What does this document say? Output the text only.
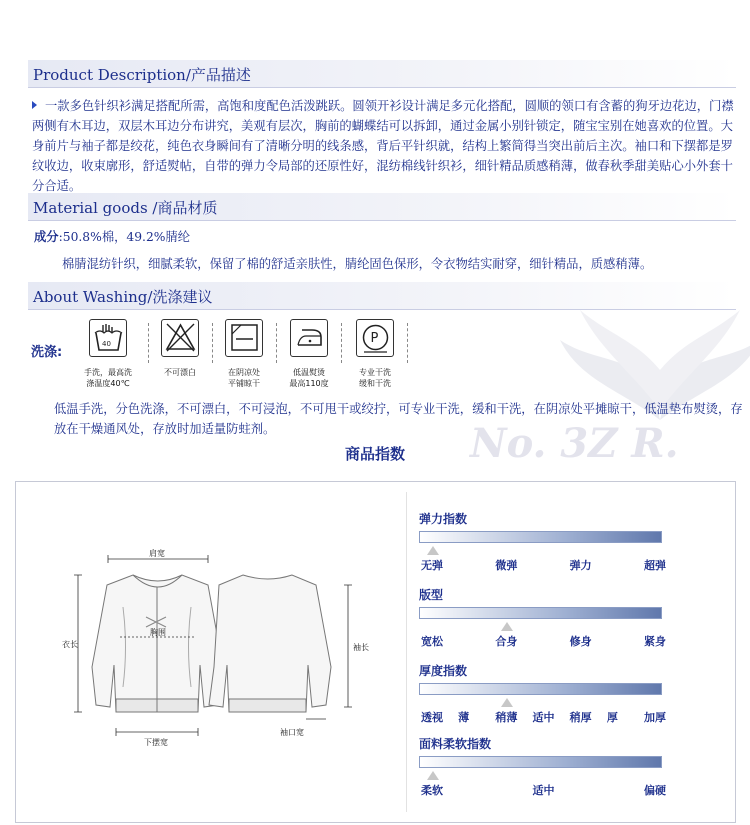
Product Description/产品描述
一款多色针织衫满足搭配所需，高饱和度配色活泼跳跃。圆领开衫设计满足多元化搭配，圆顺的领口有含蓄的狗牙边花边，门襟两侧有木耳边，双层木耳边分布讲究，美观有层次，胸前的蝴蝶结可以拆卸，通过金属小别针锁定，随宝宝别在她喜欢的位置。大身前片与袖子都是绞花，纯色衣身瞬间有了清晰分明的线条感，背后平针织就，结构上繁简得当突出前后主次。袖口和下摆都是罗纹收边，收束廓形，舒适熨帖，自带的弹力令局部的还原性好，混纺棉线针织衫，细针精品质感稍薄，做春秋季甜美贴心小外套十分合适。
Material goods /商品材质
成分:50.8%棉，49.2%腈纶
棉腈混纺针织，细腻柔软，保留了棉的舒适亲肤性，腈纶固色保形，令衣物结实耐穿，细针精品，质感稍薄。
About Washing/洗涤建议
No. 3Z R.
洗涤:
40
手洗，最高洗
涤温度40℃
不可漂白	在阴凉处
平铺晾干
低温熨烫
最高110度
P
专业干洗
缓和干洗
低温手洗，分色洗涤，不可漂白，不可浸泡，不可甩干或绞拧，可专业干洗，缓和干洗，在阴凉处平摊晾干，低温垫布熨烫，存放在干燥通风处，存放时加适量防蛀剂。
商品指数
肩宽
衣长
胸围
下摆宽
袖长
袖口宽
弹力指数
无弹	微弹	弹力	超弹
版型
宽松	合身	修身	紧身
厚度指数
透视 薄 稍薄 适中 稍厚 厚 加厚
面料柔软指数
柔软	适中	偏硬
